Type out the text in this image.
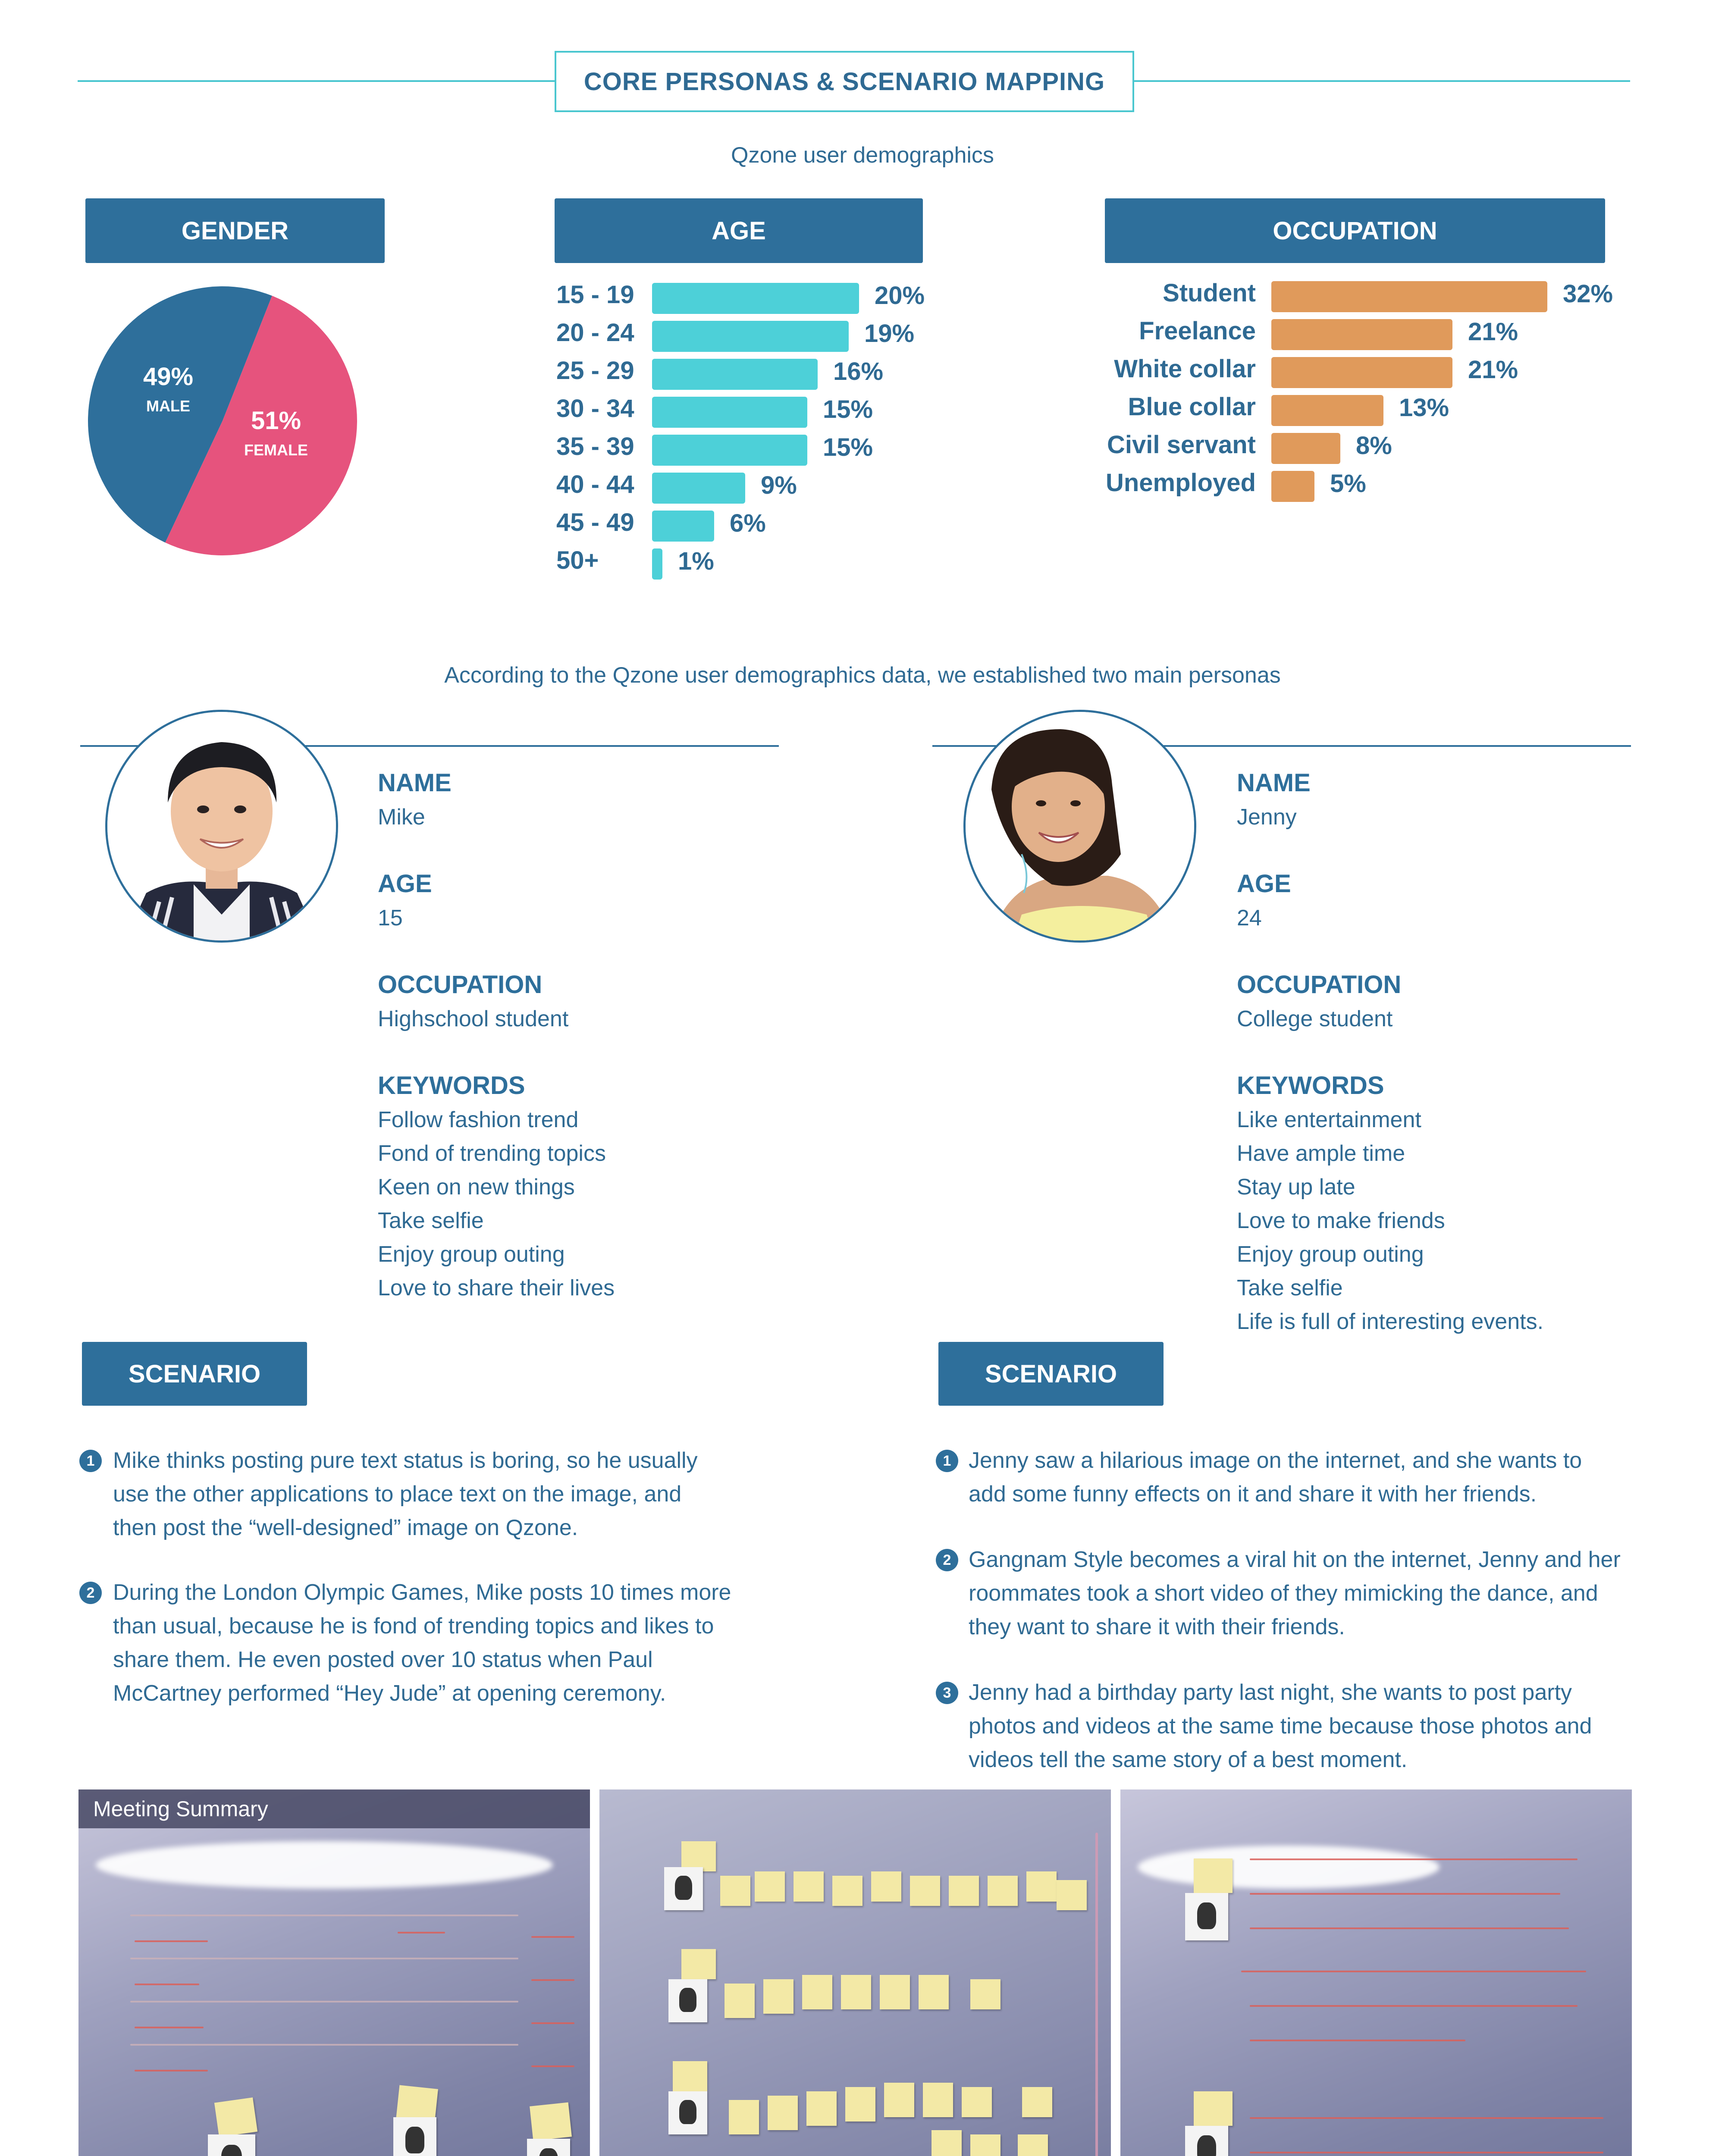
CORE PERSONAS & SCENARIO MAPPING
Qzone user demographics
GENDER
49%
MALE
51%
FEMALE
AGE
15 - 19	20%
20 - 24	19%
25 - 29	16%
30 - 34	15%
35 - 39	15%
40 - 44	9%
45 - 49	6%
50+	1%
OCCUPATION
Student	32%
Freelance	21%
White collar	21%
Blue collar	13%
Civil servant	8%
Unemployed	5%
According to the Qzone user demographics data, we established two main personas
NAME
Mike
AGE
15
OCCUPATION
Highschool student
KEYWORDS
Follow fashion trend
Fond of trending topics
Keen on new things
Take selfie
Enjoy group outing
Love to share their lives
SCENARIO
1 Mike thinks posting pure text status is boring, so he usually
use the other applications to place text on the image, and
then post the “well-designed” image on Qzone.
2 During the London Olympic Games, Mike posts 10 times more
than usual, because he is fond of trending topics and likes to
share them. He even posted over 10 status when Paul
McCartney performed “Hey Jude” at opening ceremony.
NAME
Jenny
AGE
24
OCCUPATION
College student
KEYWORDS
Like entertainment
Have ample time
Stay up late
Love to make friends
Enjoy group outing
Take selfie
Life is full of interesting events.
SCENARIO
1 Jenny saw a hilarious image on the internet, and she wants to
add some funny effects on it and share it with her friends.
2 Gangnam Style becomes a viral hit on the internet, Jenny and her
roommates took a short video of they mimicking the dance, and
they want to share it with their friends.
3 Jenny had a birthday party last night, she wants to post party
photos and videos at the same time because those photos and
videos tell the same story of a best moment.
Meeting Summary
